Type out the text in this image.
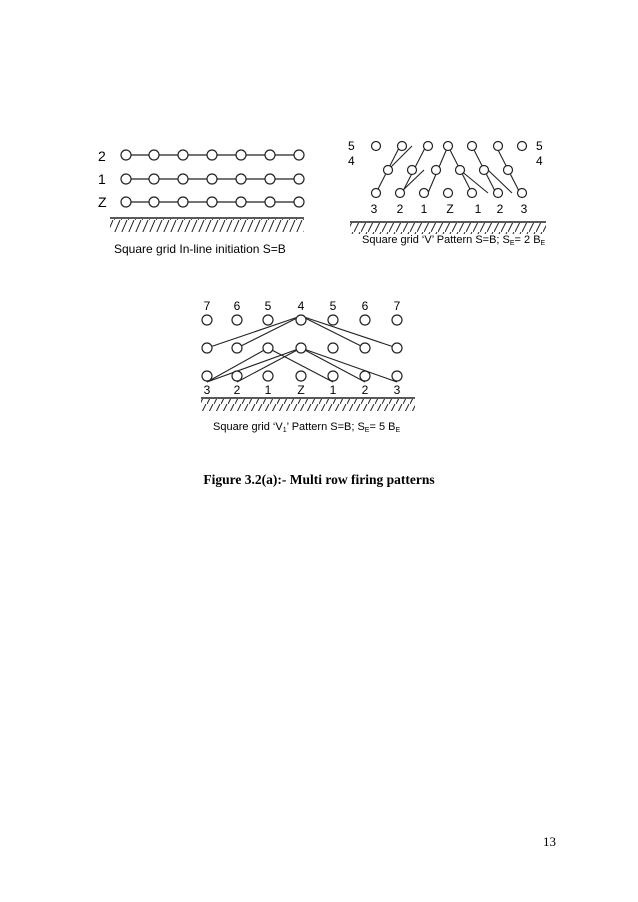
2
1
Z
Square grid In-line initiation S=B
5
4
5
4
3 2 1 Z 1 2 3
Square grid ‘V’ Pattern S=B; SE= 2 BE
7 6 5 4 5 6 7
3 2 1 Z 1 2 3
Square grid ‘V1’ Pattern S=B; SE= 5 BE
Figure 3.2(a):- Multi row firing patterns
13
